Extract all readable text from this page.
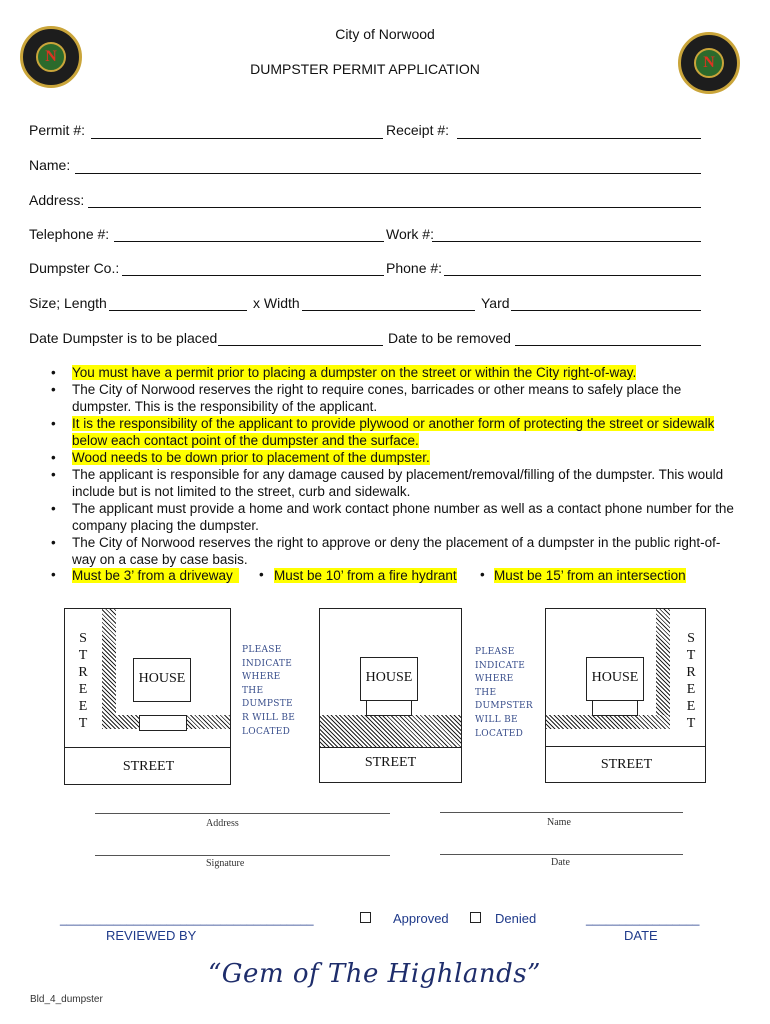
N	N
City of Norwood
DUMPSTER PERMIT APPLICATION
Permit #:	Receipt #:
Name:
Address:
Telephone #:	Work #:
Dumpster Co.:	Phone #:
Size; Length	x Width	Yard
Date Dumpster is to be placed	Date to be removed
• You must have a permit prior to placing a dumpster on the street or within the City right-of-way.
• The City of Norwood reserves the right to require cones, barricades or other means to safely place the dumpster. This is the responsibility of the applicant.
• It is the responsibility of the applicant to provide plywood or another form of protecting the street or sidewalk below each contact point of the dumpster and the surface.
• Wood needs to be down prior to placement of the dumpster.
• The applicant is responsible for any damage caused by placement/removal/filling of the dumpster. This would include but is not limited to the street, curb and sidewalk.
• The applicant must provide a home and work contact phone number as well as a contact phone number for the company placing the dumpster.
• The City of Norwood reserves the right to approve or deny the placement of a dumpster in the public right-of-way on a case by case basis.
• Must be 3’ from a driveway	• Must be 10’ from a fire hydrant • Must be 15’ from an intersection
HOUSE
STREET
S
T
R
E
E
T
PLEASE
INDICATE
WHERE
THE
DUMPSTE
R WILL BE
LOCATED
HOUSE
STREET
PLEASE
INDICATE
WHERE
THE
DUMPSTER
WILL BE
LOCATED
HOUSE
STREET
S
T
R
E
E
T
Address	Name
Signature	Date
______________________________________
REVIEWED BY
Approved	Denied	_________________
DATE
“Gem of The Highlands”
Bld_4_dumpster
